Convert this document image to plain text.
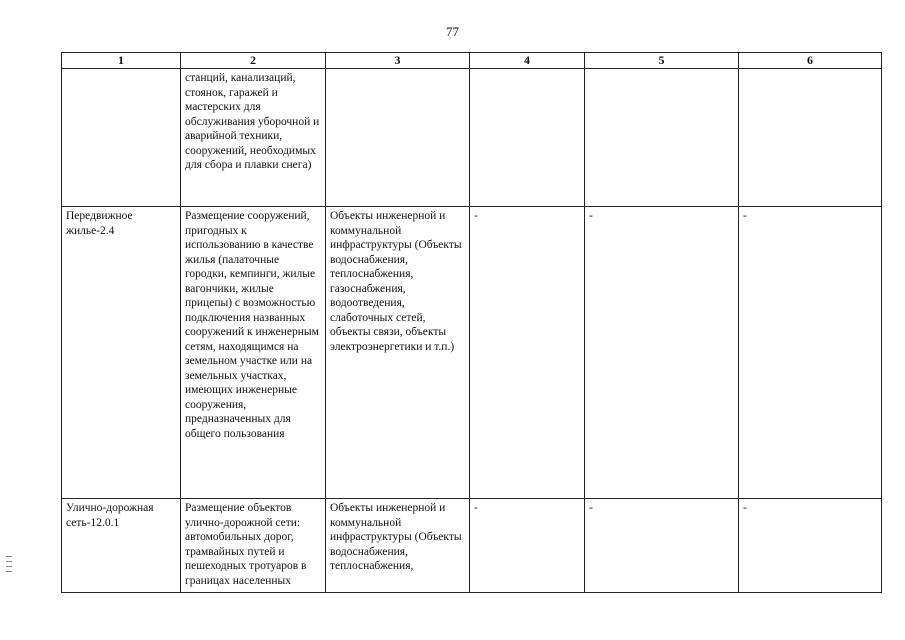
77
1	2	3	4	5	6
	станций, канализаций, стоянок, гаражей и мастерских для обслуживания уборочной и аварийной техники, сооружений, необходимых для сбора и плавки снега)				
Передвижное жилье-2.4	Размещение сооружений, пригодных к использованию в качестве жилья (палаточные городки, кемпинги, жилые вагончики, жилые прицепы) с возможностью подключения названных сооружений к инженерным сетям, находящимся на земельном участке или на земельных участках, имеющих инженерные сооружения, предназначенных для общего пользования	Объекты инженерной и коммунальной инфраструктуры (Объекты водоснабжения, теплоснабжения, газоснабжения, водоотведения, слаботочных сетей, объекты связи, объекты электроэнергетики и т.п.)	-	-	-
Улично-дорожная сеть-12.0.1	Размещение объектов улично-дорожной сети: автомобильных дорог, трамвайных путей и пешеходных тротуаров в границах населенных	Объекты инженерной и коммунальной инфраструктуры (Объекты водоснабжения, теплоснабжения,	-	-	-
